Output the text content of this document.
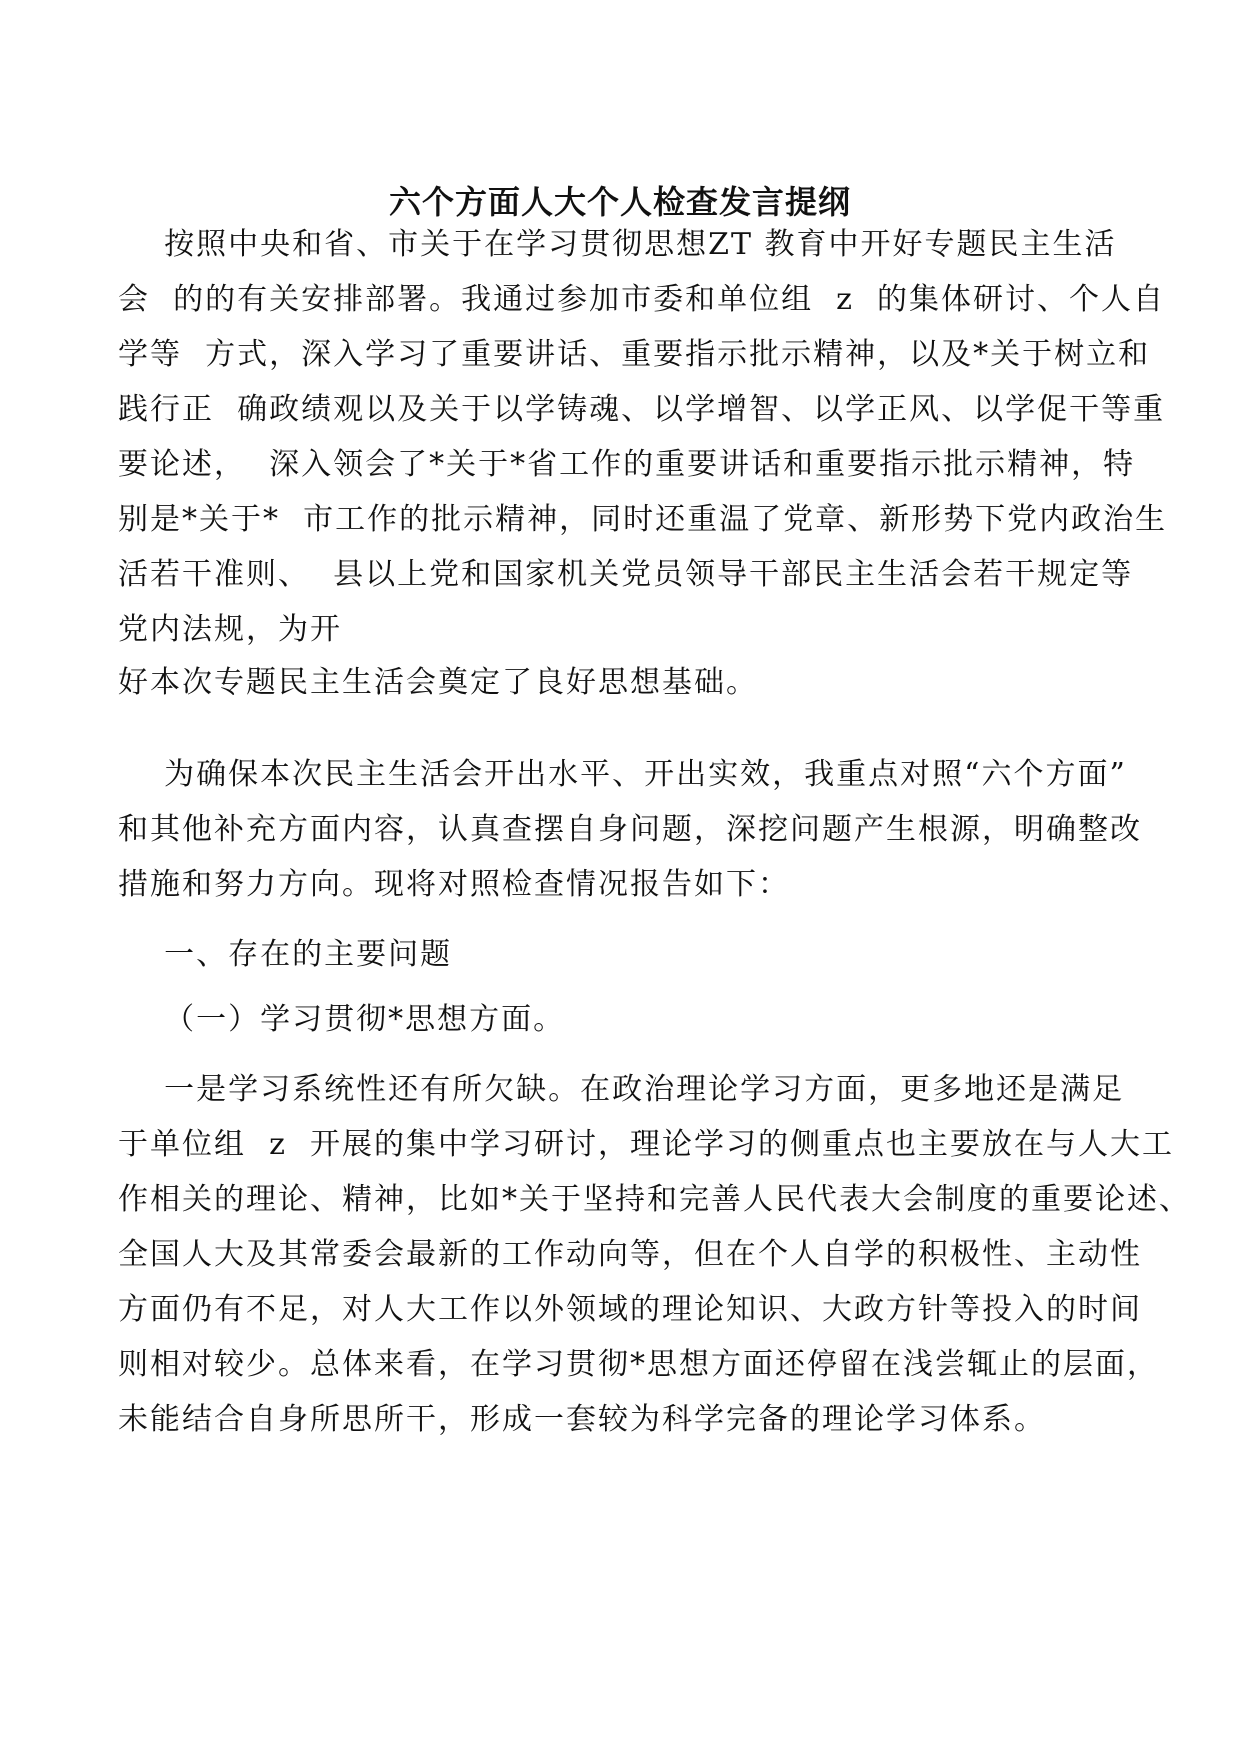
六个方面人大个人检查发言提纲

按照中央和省、市关于在学习贯彻思想ZT 教育中开好专题民主生活

会  的的有关安排部署。我通过参加市委和单位组  z  的集体研讨、个人自

学等  方式，深入学习了重要讲话、重要指示批示精神，以及*关于树立和

践行正  确政绩观以及关于以学铸魂、以学增智、以学正风、以学促干等重

要论述，  深入领会了*关于*省工作的重要讲话和重要指示批示精神，特

别是*关于*  市工作的批示精神，同时还重温了党章、新形势下党内政治生

活若干准则、  县以上党和国家机关党员领导干部民主生活会若干规定等

党内法规，为开

好本次专题民主生活会奠定了良好思想基础。

为确保本次民主生活会开出水平、开出实效，我重点对照“六个方面”

和其他补充方面内容，认真查摆自身问题，深挖问题产生根源，明确整改

措施和努力方向。现将对照检查情况报告如下：

一、存在的主要问题

（一）学习贯彻*思想方面。

一是学习系统性还有所欠缺。在政治理论学习方面，更多地还是满足

于单位组  z  开展的集中学习研讨，理论学习的侧重点也主要放在与人大工

作相关的理论、精神，比如*关于坚持和完善人民代表大会制度的重要论述、

全国人大及其常委会最新的工作动向等，但在个人自学的积极性、主动性

方面仍有不足，对人大工作以外领域的理论知识、大政方针等投入的时间

则相对较少。总体来看，在学习贯彻*思想方面还停留在浅尝辄止的层面，

未能结合自身所思所干，形成一套较为科学完备的理论学习体系。
